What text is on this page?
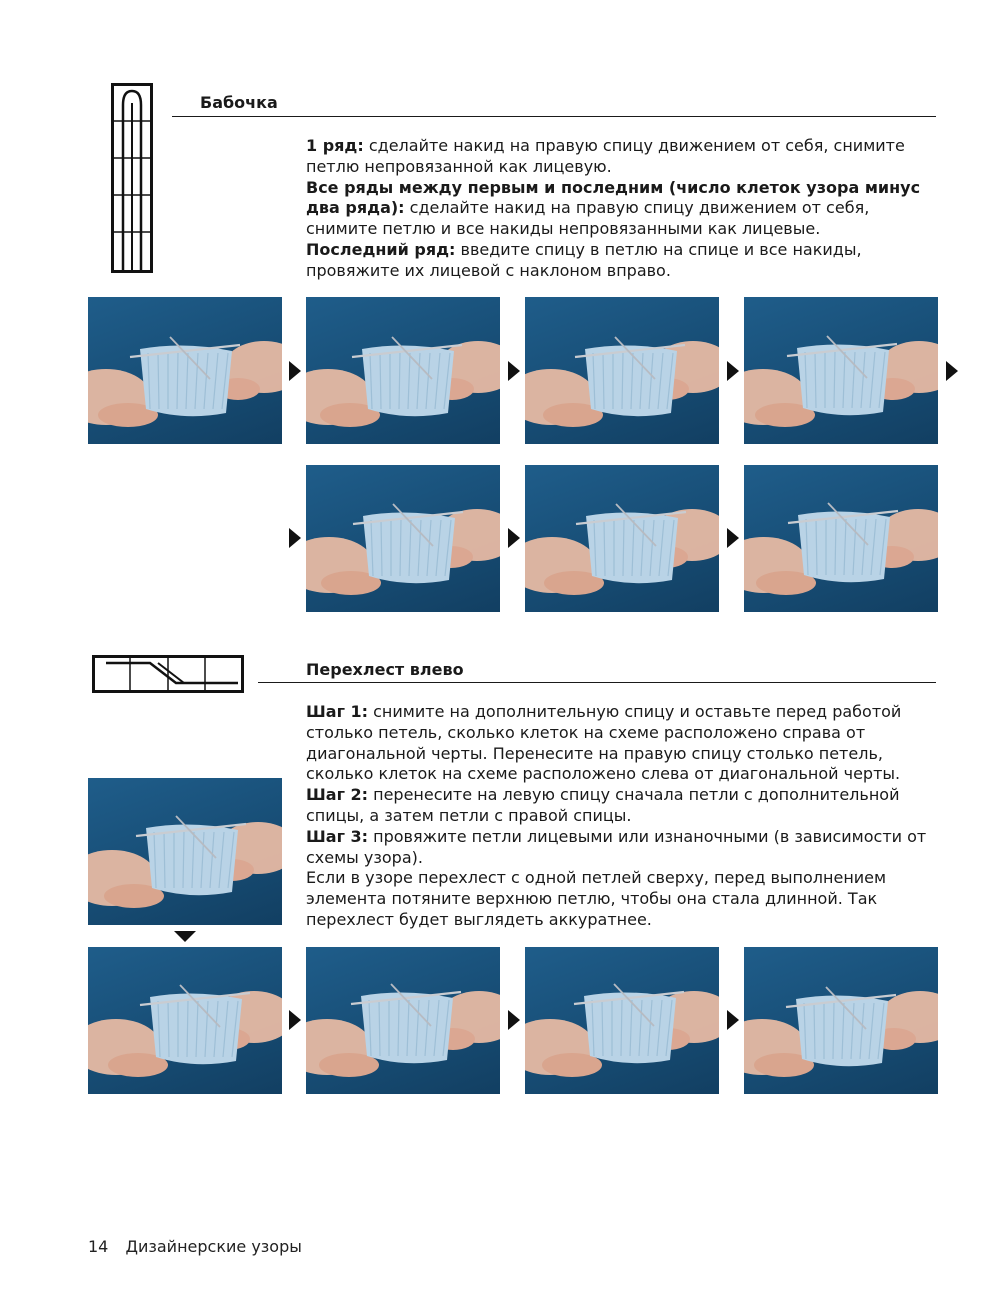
Бабочка

1 ряд: сделайте накид на правую спицу движением от себя, снимите петлю непровязанной как лицевую.

Все ряды между первым и последним (число клеток узора минус два ряда): сделайте накид на правую спицу движением от себя, снимите петлю и все накиды непровязанными как лицевые.

Последний ряд: введите спицу в петлю на спице и все накиды, провяжите их лицевой с наклоном вправо.

Перехлест влево

Шаг 1: снимите на дополнительную спицу и оставьте перед работой столько петель, сколько клеток на схеме расположено справа от диагональной черты. Перенесите на правую спицу столько петель, сколько клеток на схеме расположено слева от диагональной черты.

Шаг 2: перенесите на левую спицу сначала петли с дополнительной спицы, а затем петли с правой спицы.

Шаг 3: провяжите петли лицевыми или изнаночными (в зависимости от схемы узора).

Если в узоре перехлест с одной петлей сверху, перед выполнением элемента потяните верхнюю петлю, чтобы она стала длинной. Так перехлест будет выглядеть аккуратнее.

14 Дизайнерские узоры
